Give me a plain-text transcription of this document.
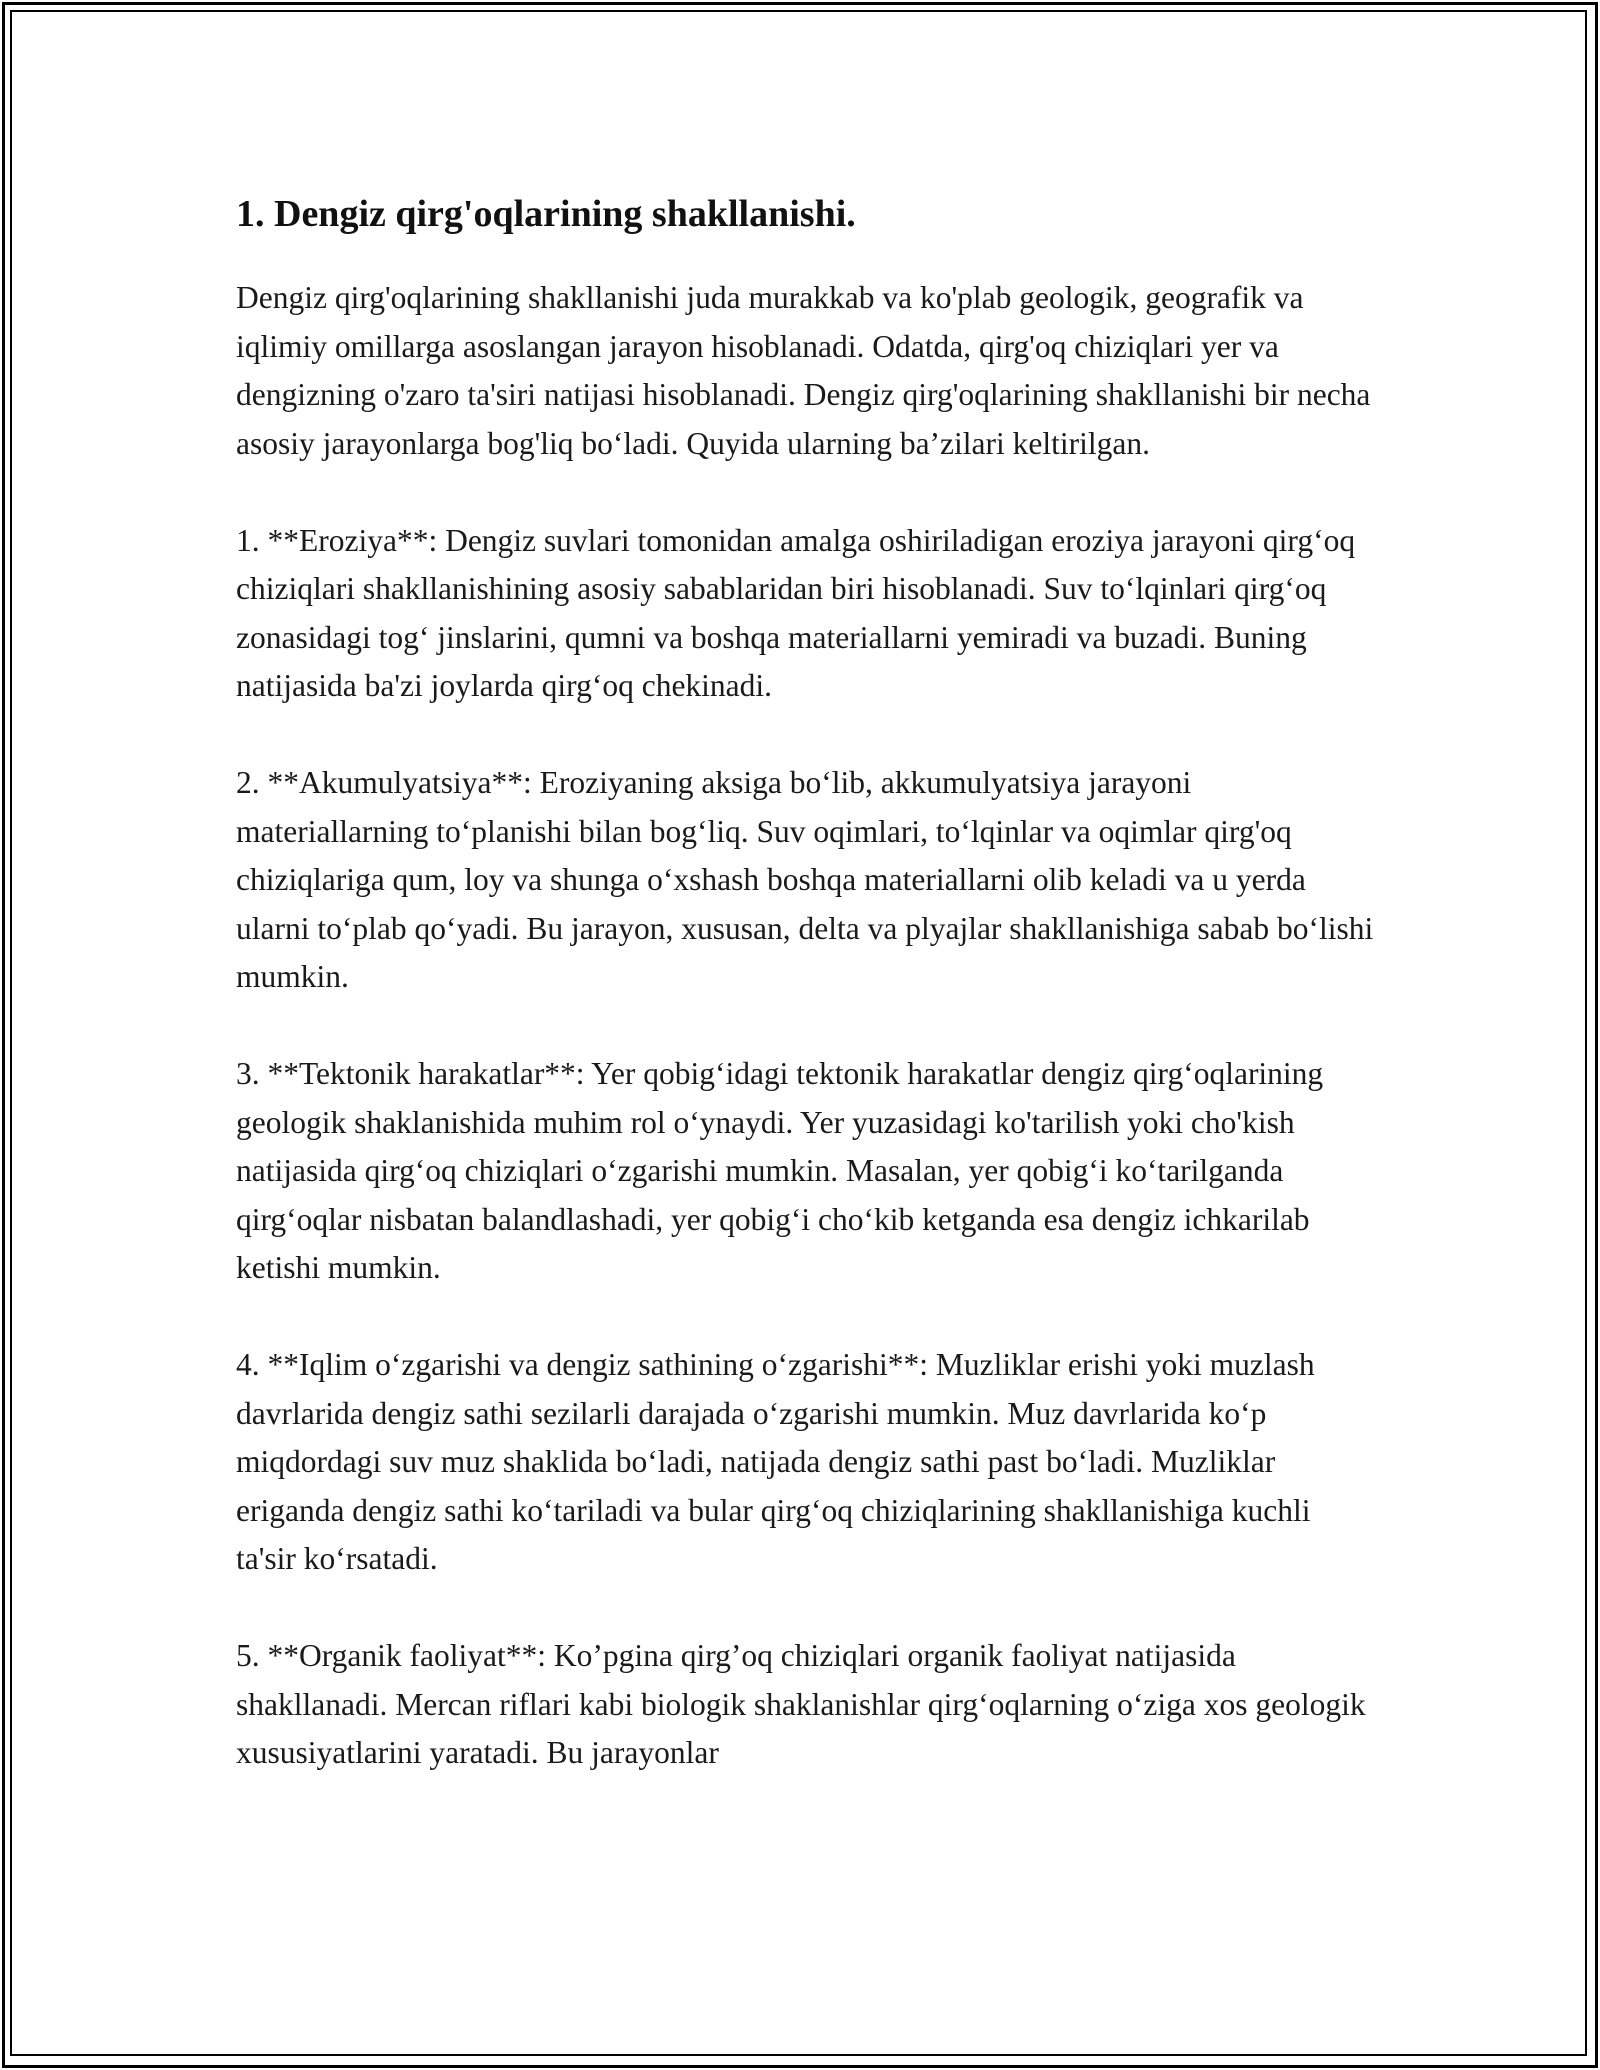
1. Dengiz qirg'oqlarining shakllanishi.

Dengiz qirg'oqlarining shakllanishi juda murakkab va ko'plab geologik, geografik va iqlimiy omillarga asoslangan jarayon hisoblanadi. Odatda, qirg'oq chiziqlari yer va dengizning o'zaro ta'siri natijasi hisoblanadi. Dengiz qirg'oqlarining shakllanishi bir necha asosiy jarayonlarga bog'liq bo‘ladi. Quyida ularning ba’zilari keltirilgan.

1. **Eroziya**: Dengiz suvlari tomonidan amalga oshiriladigan eroziya jarayoni qirg‘oq chiziqlari shakllanishining asosiy sabablaridan biri hisoblanadi. Suv to‘lqinlari qirg‘oq zonasidagi tog‘ jinslarini, qumni va boshqa materiallarni yemiradi va buzadi. Buning natijasida ba'zi joylarda qirg‘oq chekinadi.

2. **Akumulyatsiya**: Eroziyaning aksiga bo‘lib, akkumulyatsiya jarayoni materiallarning to‘planishi bilan bog‘liq. Suv oqimlari, to‘lqinlar va oqimlar qirg'oq chiziqlariga qum, loy va shunga o‘xshash boshqa materiallarni olib keladi va u yerda ularni to‘plab qo‘yadi. Bu jarayon, xususan, delta va plyajlar shakllanishiga sabab bo‘lishi mumkin.

3. **Tektonik harakatlar**: Yer qobig‘idagi tektonik harakatlar dengiz qirg‘oqlarining geologik shaklanishida muhim rol o‘ynaydi. Yer yuzasidagi ko'tarilish yoki cho'kish natijasida qirg‘oq chiziqlari o‘zgarishi mumkin. Masalan, yer qobig‘i ko‘tarilganda qirg‘oqlar nisbatan balandlashadi, yer qobig‘i cho‘kib ketganda esa dengiz ichkarilab ketishi mumkin.

4. **Iqlim o‘zgarishi va dengiz sathining o‘zgarishi**: Muzliklar erishi yoki muzlash davrlarida dengiz sathi sezilarli darajada o‘zgarishi mumkin. Muz davrlarida ko‘p miqdordagi suv muz shaklida bo‘ladi, natijada dengiz sathi past bo‘ladi. Muzliklar eriganda dengiz sathi ko‘tariladi va bular qirg‘oq chiziqlarining shakllanishiga kuchli ta'sir ko‘rsatadi.

5. **Organik faoliyat**: Ko’pgina qirg’oq chiziqlari organik faoliyat natijasida shakllanadi. Mercan riflari kabi biologik shaklanishlar qirg‘oqlarning o‘ziga xos geologik xususiyatlarini yaratadi. Bu jarayonlar
